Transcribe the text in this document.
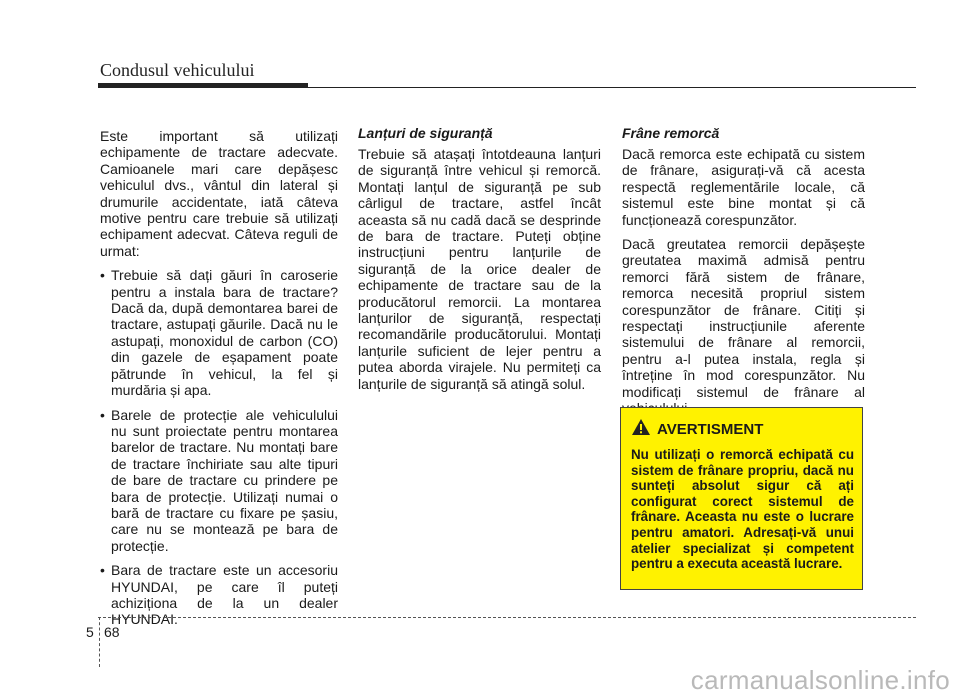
Condusul vehiculului

Este important să utilizați echipamente de tractare adecvate. Camioanele mari care depășesc vehiculul dvs., vântul din lateral și drumurile accidentate, iată câteva motive pentru care trebuie să utilizați echipament adecvat. Câteva reguli de urmat:

• Trebuie să dați găuri în caroserie pentru a instala bara de tractare? Dacă da, după demontarea barei de tractare, astupați găurile. Dacă nu le astupați, monoxidul de carbon (CO) din gazele de eșapament poate pătrunde în vehicul, la fel și murdăria și apa.
• Barele de protecție ale vehiculului nu sunt proiectate pentru montarea barelor de tractare. Nu montați bare de tractare închiriate sau alte tipuri de bare de tractare cu prindere pe bara de protecție. Utilizați numai o bară de tractare cu fixare pe șasiu, care nu se montează pe bara de protecție.
• Bara de tractare este un accesoriu HYUNDAI, pe care îl puteți achiziționa de la un dealer HYUNDAI.
Lanțuri de siguranță

Trebuie să atașați întotdeauna lanțuri de siguranță între vehicul și remorcă. Montați lanțul de siguranță pe sub cârligul de tractare, astfel încât aceasta să nu cadă dacă se desprinde de bara de tractare. Puteți obține instrucțiuni pentru lanțurile de siguranță de la orice dealer de echipamente de tractare sau de la producătorul remorcii. La montarea lanțurilor de siguranță, respectați recomandările producătorului. Montați lanțurile suficient de lejer pentru a putea aborda virajele. Nu permiteți ca lanțurile de siguranță să atingă solul.

Frâne remorcă

Dacă remorca este echipată cu sistem de frânare, asigurați-vă că acesta respectă reglementările locale, că sistemul este bine montat și că funcționează corespunzător.

Dacă greutatea remorcii depășește greutatea maximă admisă pentru remorci fără sistem de frânare, remorca necesită propriul sistem corespunzător de frânare. Citiți și respectați instrucțiunile aferente sistemului de frânare al remorcii, pentru a-l putea instala, regla și întreține în mod corespunzător. Nu modificați sistemul de frânare al

AVERTISMENT

Nu utilizați o remorcă echipată cu sistem de frânare propriu, dacă nu sunteți absolut sigur că ați configurat corect sistemul de frânare. Aceasta nu este o lucrare pentru amatori. Adresați-vă unui atelier specializat și competent pentru a executa această lucrare.

5 68
carmanualsonline.info
